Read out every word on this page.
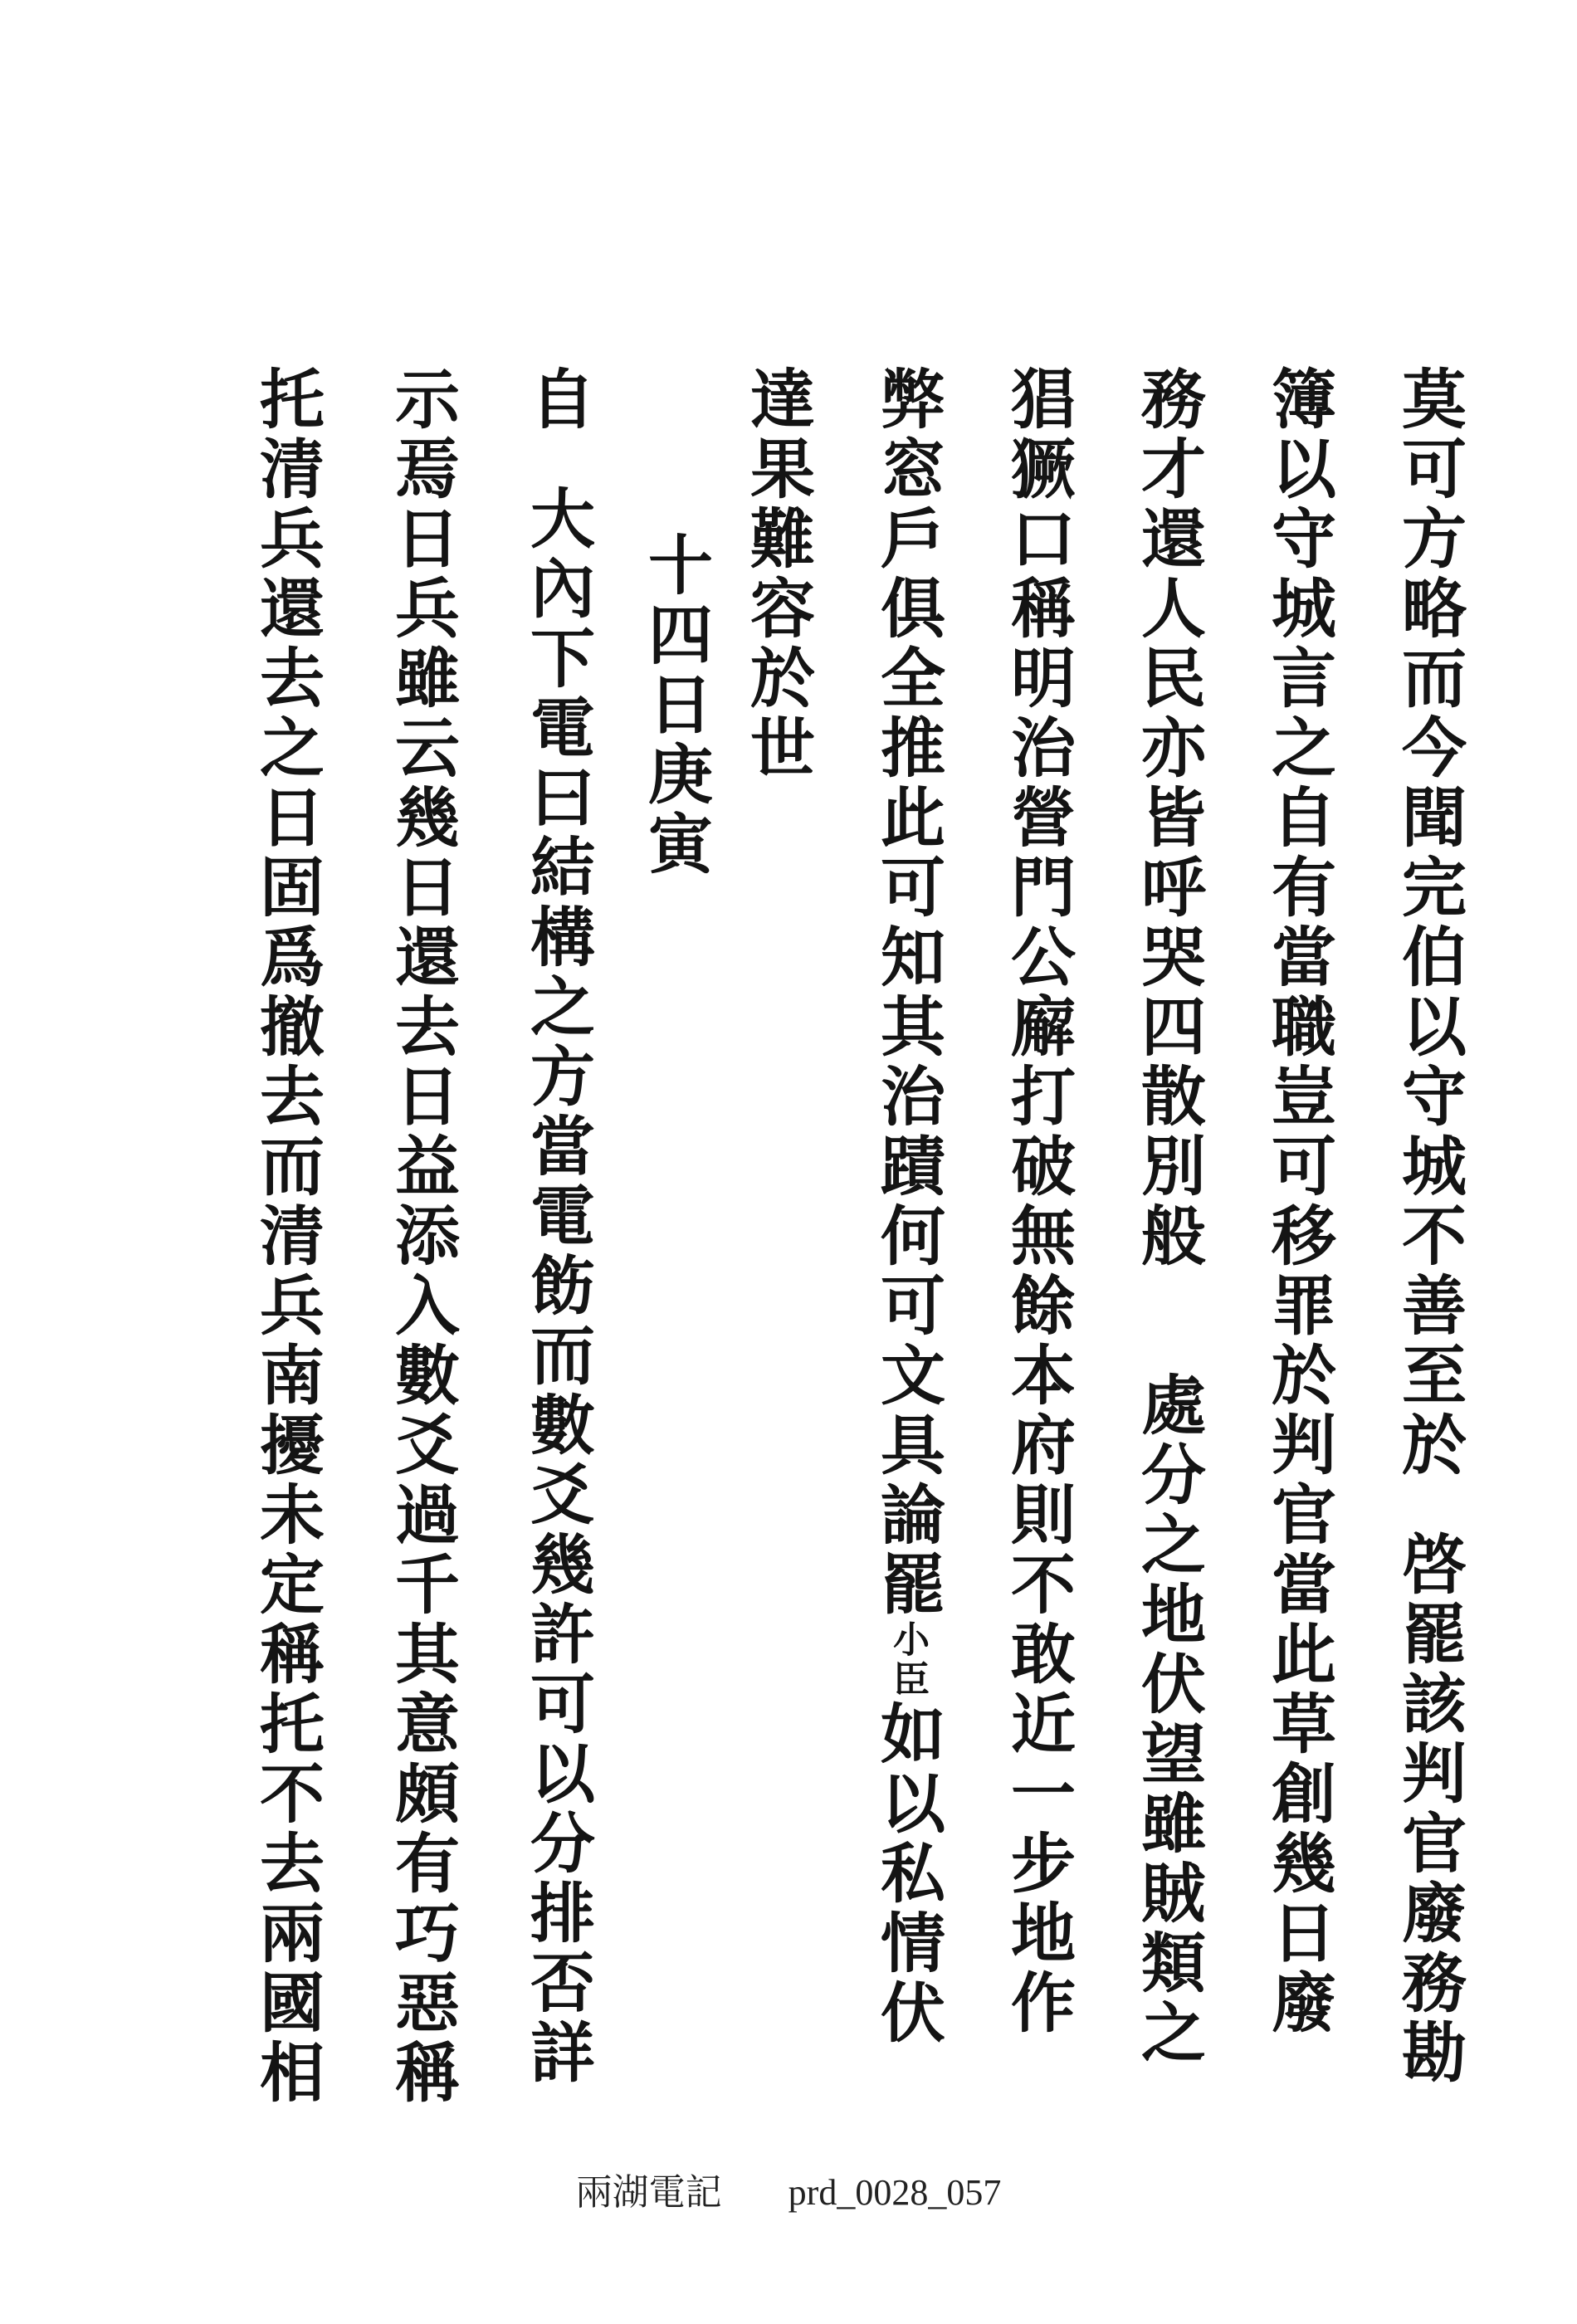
莫可方略而今聞完伯以守城不善至於啓罷該判官廢務勘
簿以守城言之自有當職豈可移罪於判官當此草創幾日廢
務才還人民亦皆呼哭四散別般處分之地伏望雖賊類之
猖獗口稱明治營門公廨打破無餘本府則不敢近一步地作
弊窓戶俱全推此可知其治蹟何可文具論罷小臣如以私情伏
達果難容於世
十四日庚寅
自大內下電曰結構之方當電飭而數爻幾許可以分排否詳
示焉日兵雖云幾日還去日益添入數爻過千其意頗有巧惡稱
托清兵還去之日固爲撤去而清兵南擾未定稱托不去兩國相
兩湖電記 prd_0028_057
